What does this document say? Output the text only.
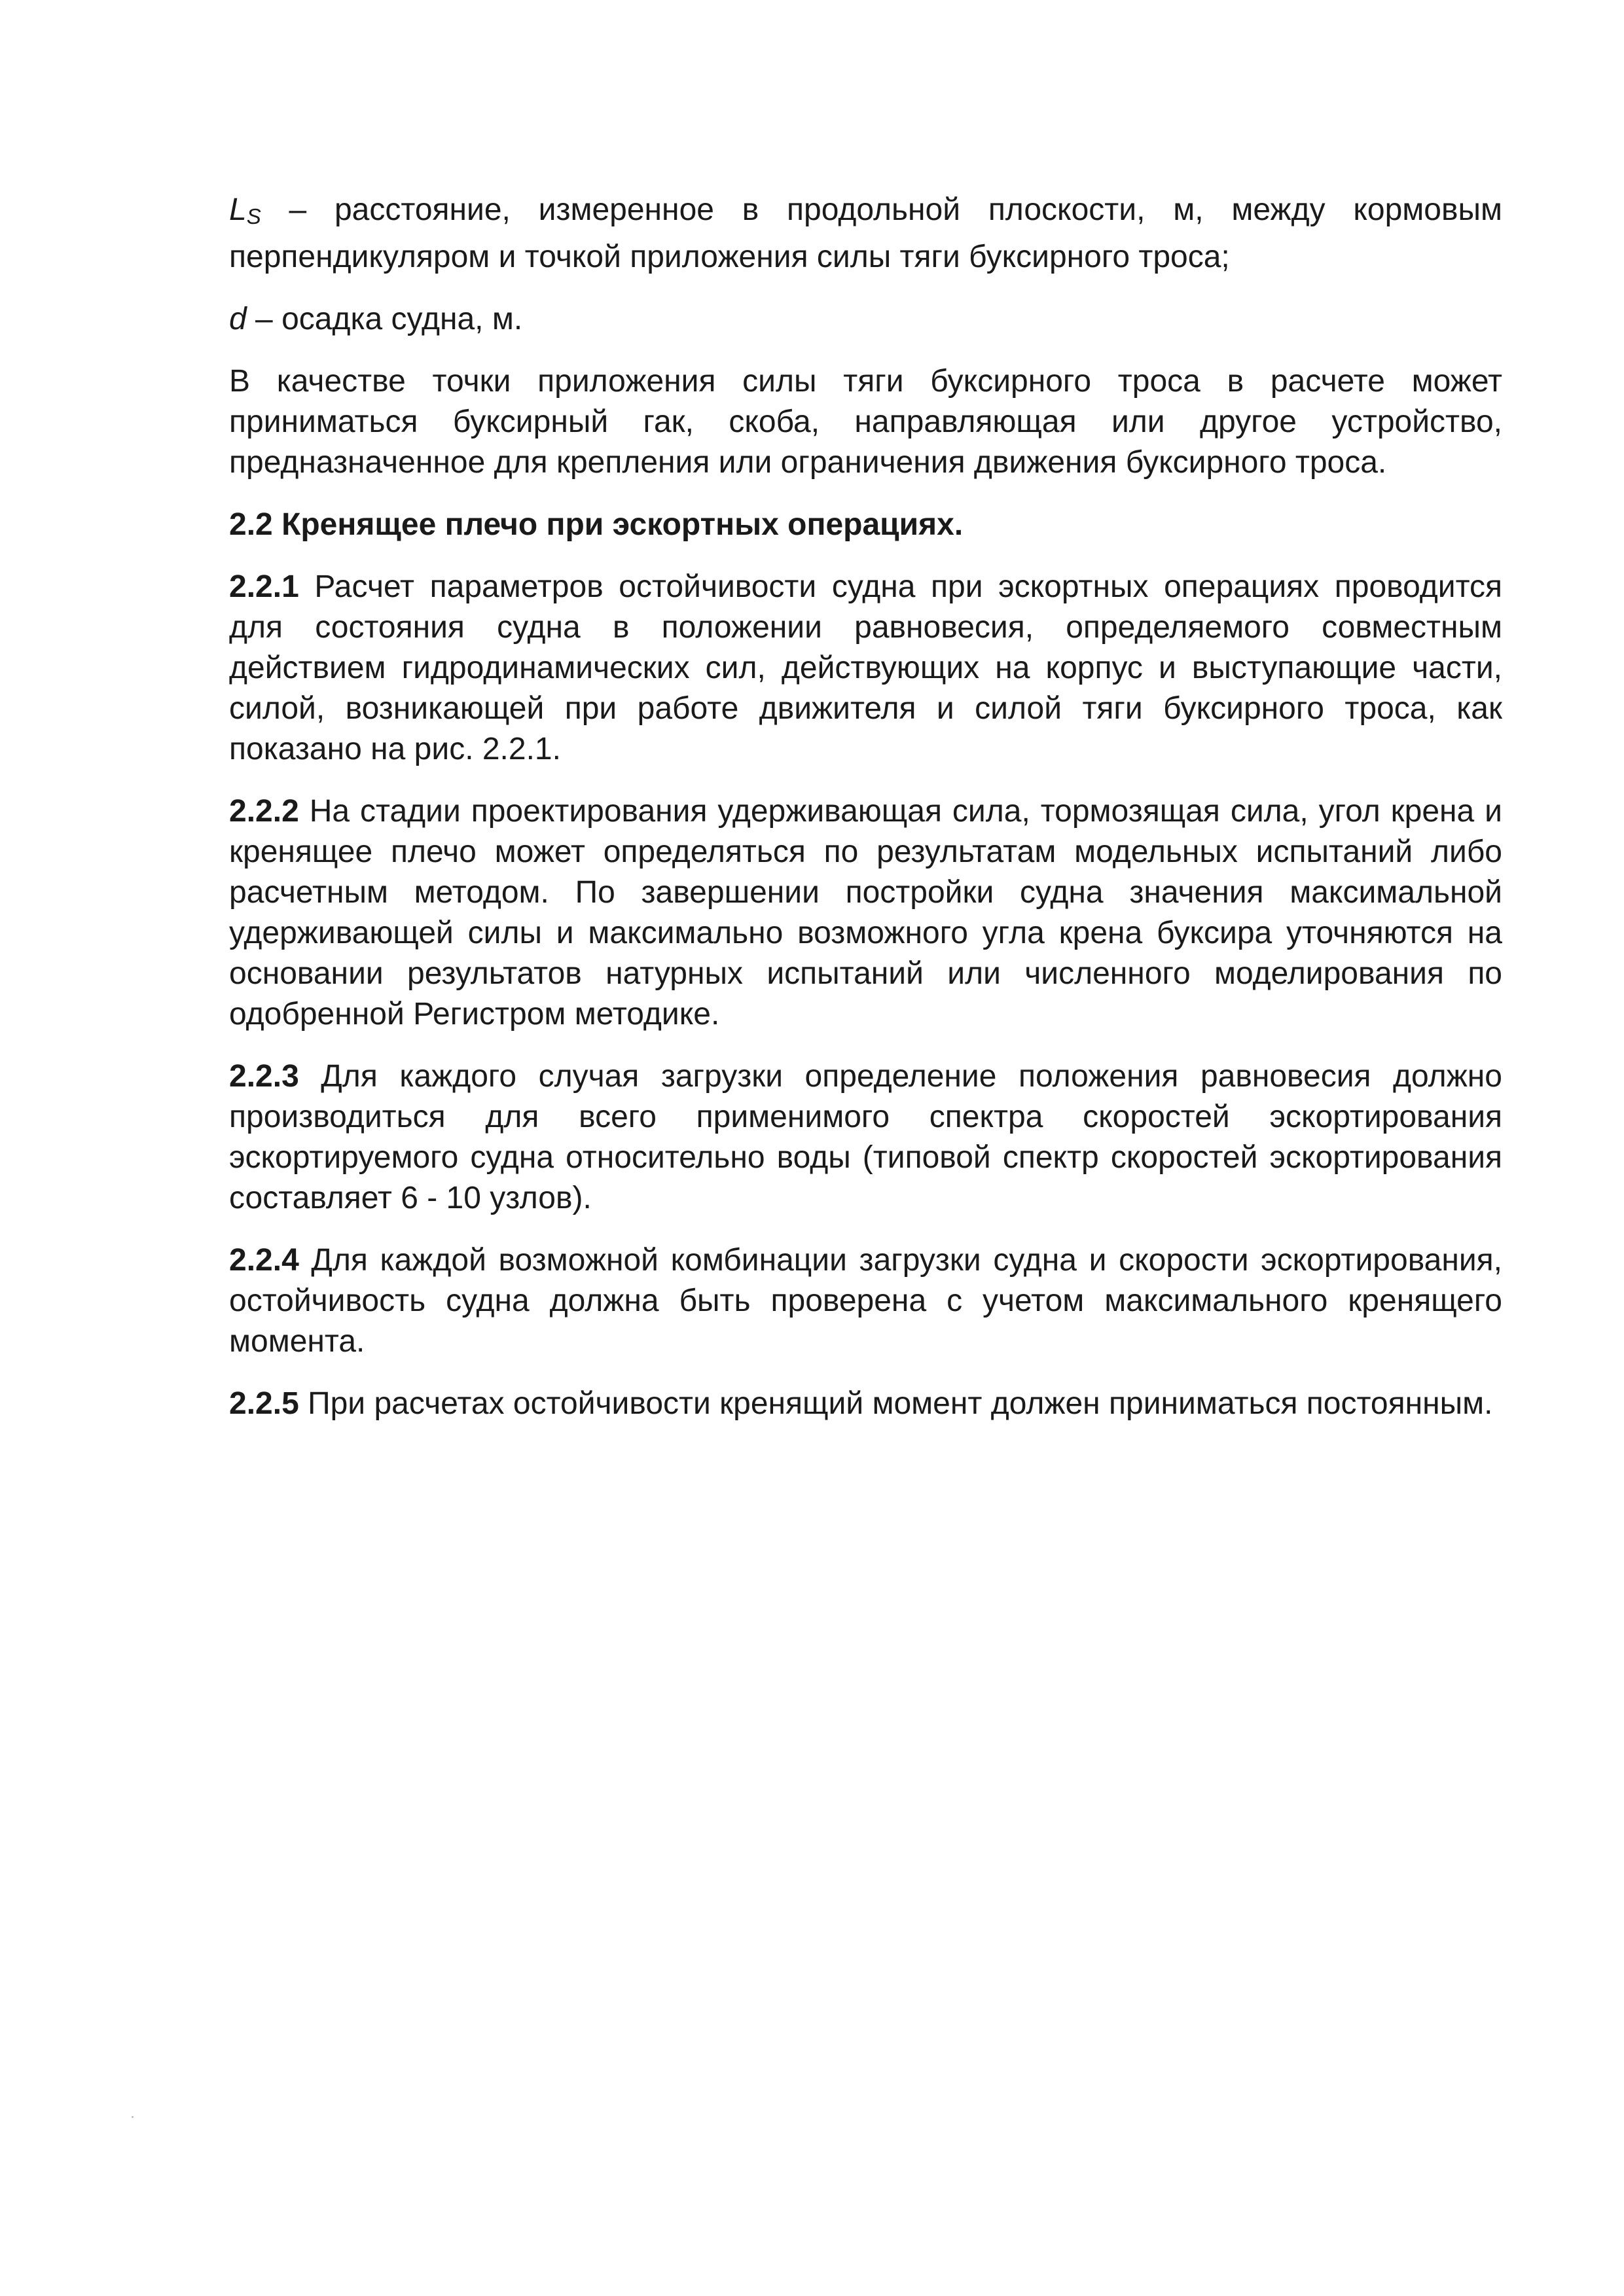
$L_S$ – расстояние, измеренное в продольной плоскости, м, между кормовым перпендикуляром и точкой приложения силы тяги буксирного троса;

d – осадка судна, м.

В качестве точки приложения силы тяги буксирного троса в расчете может приниматься буксирный гак, скоба, направляющая или другое устройство, предназначенное для крепления или ограничения движения буксирного троса.

2.2 Кренящее плечо при эскортных операциях.

2.2.1 Расчет параметров остойчивости судна при эскортных операциях проводится для состояния судна в положении равновесия, определяемого совместным действием гидродинамических сил, действующих на корпус и выступающие части, силой, возникающей при работе движителя и силой тяги буксирного троса, как показано на рис. 2.2.1.

2.2.2 На стадии проектирования удерживающая сила, тормозящая сила, угол крена и кренящее плечо может определяться по результатам модельных испытаний либо расчетным методом. По завершении постройки судна значения максимальной удерживающей силы и максимально возможного угла крена буксира уточняются на основании результатов натурных испытаний или численного моделирования по одобренной Регистром методике.

2.2.3 Для каждого случая загрузки определение положения равновесия должно производиться для всего применимого спектра скоростей эскортирования эскортируемого судна относительно воды (типовой спектр скоростей эскортирования составляет 6 - 10 узлов).

2.2.4 Для каждой возможной комбинации загрузки судна и скорости эскортирования, остойчивость судна должна быть проверена с учетом максимального кренящего момента.

2.2.5 При расчетах остойчивости кренящий момент должен приниматься постоянным.
